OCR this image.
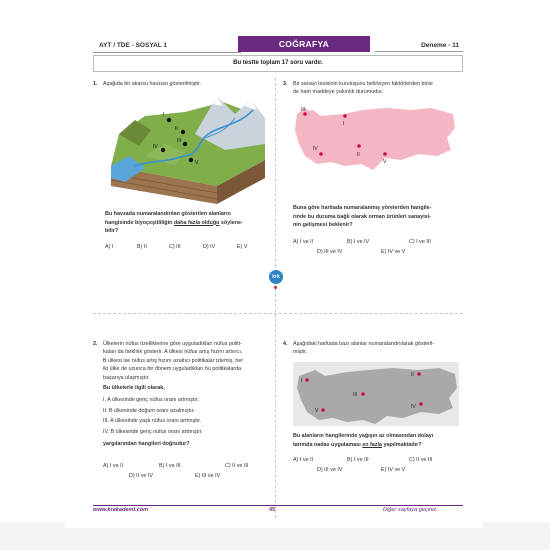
AYT / TDE - SOSYAL 1	COĞRAFYA	Deneme - 11
Bu testte toplam 17 soru vardır.
1. Aşağıda bir akarsu havzası gösterilmiştir.
I
II
III
IV
V
Bu havzada numaralandırılan gösterilen alanların
hangisinde biyoçeşitliliğin daha fazla olduğu söylene-
bilir?
A) I	B) II	C) III	D) IV	E) V
3. Bir sanayi tesisinin kuruluşunu belirleyen faktörlerden birisi
de ham maddeye yakınlık durumudur.
III
I
IV
II
V
Buna göre haritada numaralanmış yörelerden hangile-
rinde bu duruma bağlı olarak orman ürünleri sanayisi-
nin gelişmesi beklenir?
A) I ve II	B) I ve IV	C) I ve III
D) III ve IV	E) IV ve V
krk
2. Ülkelerin nüfus özelliklerine göre uyguladıkları nüfus politi-
kaları da farklılık gösterir. A ülkesi nüfus artış hızını artırıcı,
B ülkesi ise nüfus artış hızını azaltıcı politikalar izlemiş, her
iki ülke de uzunca bir dönem uyguladıkları bu politikalarda
başarıya ulaşmıştır.
Bu ülkelerle ilgili olarak,
I. A ülkesinde genç nüfus oranı artmıştır.
II. B ülkesinde doğum oranı azalmıştır.
III. A ülkesinde yaşlı nüfus oranı artmıştır.
IV. B ülkesinde genç nüfus oranı artmıştır.
yargılarından hangileri doğrudur?
A) I ve II	B) I ve III	C) II ve III
D) II ve IV	E) III ve IV
4. Aşağıdaki haritada bazı alanlar numaralandırılarak gösteril-
miştir.
I
II
III
IV
V
Bu alanların hangilerinde yağışın az olmasından dolayı
tarımda nadas uygulaması en fazla yapılmaktadır?
A) I ve II	B) I ve III	C) II ve III
D) III ve IV	E) IV ve V
www.krakademi.com	45	Diğer sayfaya geçiniz.
